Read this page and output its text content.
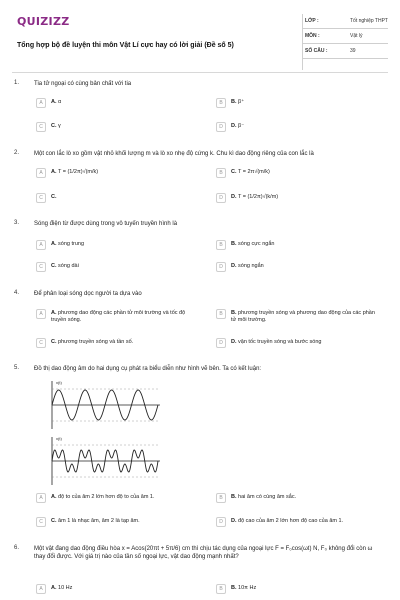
QUIZIZZ
Tổng hợp bộ đề luyện thi môn Vật Lí cực hay có lời giải (Đề số 5)
LỚP :	Tốt nghiệp THPT
MÔN :	Vật lý
SỐ CÂU :	39
1. Tia tử ngoại có cùng bản chất với tia
A	A. α	B	B. β⁺
C	C. γ	D	D. β⁻
2. Một con lắc lò xo gồm vật nhỏ khối lượng m và lò xo nhẹ độ cứng k. Chu kì dao động riêng của con lắc là
A	A. T = (1/2π)√(m/k)	B	C. T = 2π√(m/k)
C	C.	D	D. T = (1/2π)√(k/m)
3. Sóng điện từ được dùng trong vô tuyến truyền hình là
A	A. sóng trung	B	B. sóng cực ngắn
C	C. sóng dài	D	D. sóng ngắn
4. Để phân loại sóng dọc người ta dựa vào
A	A. phương dao động các phần tử môi trường và tốc độ truyền sóng.
B	B. phương truyền sóng và phương dao động của các phần tử môi trường.
C	C. phương truyền sóng và tần số.	D	D. vận tốc truyền sóng và bước sóng
5. Đồ thị dao động âm do hai dụng cụ phát ra biểu diễn như hình vẽ bên. Ta có kết luận:
x(t)
x(t)
A	A. độ to của âm 2 lớn hơn độ to của âm 1.	B	B. hai âm có cùng âm sắc.
C	C. âm 1 là nhạc âm, âm 2 là tạp âm.	D	D. độ cao của âm 2 lớn hơn độ cao của âm 1.
6. Một vật đang dao động điều hòa x = Acos(20πt + 5π/6) cm thì chịu tác dụng của ngoại lực F = F₀cos(ωt) N, F₀ không đổi còn ω thay đổi được. Với giá trị nào của tần số ngoại lực, vật dao động mạnh nhất?
A	A. 10 Hz	B	B. 10π Hz
